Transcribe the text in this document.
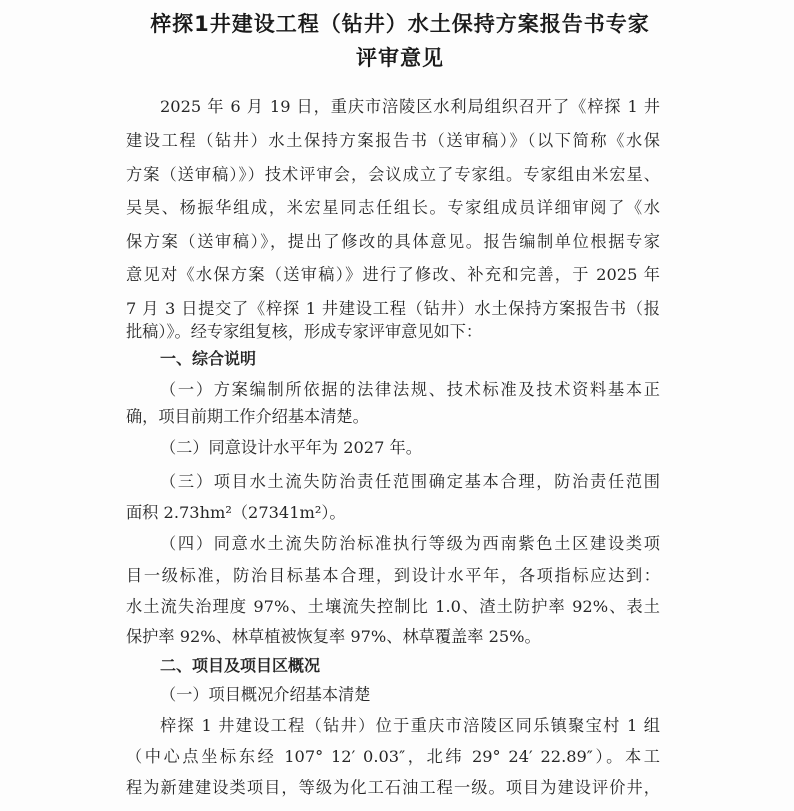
梓探1井建设工程（钻井）水土保持方案报告书专家
评审意见

2025 年 6 月 19 日，重庆市涪陵区水利局组织召开了《梓探 1 井

建设工程（钻井）水土保持方案报告书（送审稿）》（以下简称《水保

方案（送审稿）》）技术评审会，会议成立了专家组。专家组由米宏星、

吴昊、杨振华组成，米宏星同志任组长。专家组成员详细审阅了《水

保方案（送审稿）》，提出了修改的具体意见。报告编制单位根据专家

意见对《水保方案（送审稿）》进行了修改、补充和完善，于 2025 年

7 月 3 日提交了《梓探 1 井建设工程（钻井）水土保持方案报告书（报

批稿）》。经专家组复核，形成专家评审意见如下：

一、综合说明

（一）方案编制所依据的法律法规、技术标准及技术资料基本正

确，项目前期工作介绍基本清楚。

（二）同意设计水平年为 2027 年。

（三）项目水土流失防治责任范围确定基本合理，防治责任范围

面积 2.73hm²（27341m²）。

（四）同意水土流失防治标准执行等级为西南紫色土区建设类项

目一级标准，防治目标基本合理，到设计水平年，各项指标应达到：

水土流失治理度 97%、土壤流失控制比 1.0、渣土防护率 92%、表土

保护率 92%、林草植被恢复率 97%、林草覆盖率 25%。

二、项目及项目区概况

（一）项目概况介绍基本清楚

梓探 1 井建设工程（钻井）位于重庆市涪陵区同乐镇聚宝村 1 组

（中心点坐标东经 107° 12′ 0.03″，北纬 29° 24′ 22.89″）。本工

程为新建建设类项目，等级为化工石油工程一级。项目为建设评价井，
